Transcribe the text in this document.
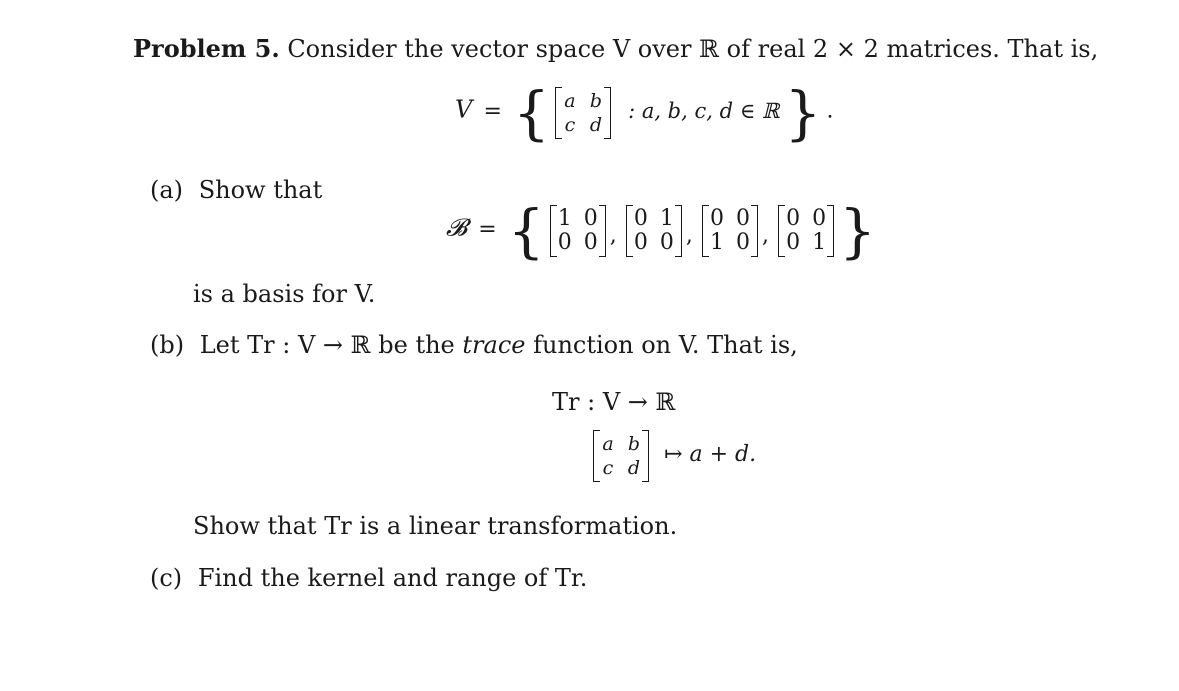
Problem 5. Consider the vector space V over ℝ of real 2 × 2 matrices. That is,
V = { a b
c d
: a, b, c, d ∈ ℝ } .
(a) Show that
𝓑 = { 1 0
0 0 ,
0 1
0 0 ,
0 0
1 0 ,
0 0
0 1 }
is a basis for V.
(b) Let Tr : V → ℝ be the trace function on V. That is,
Tr : V → ℝ
a b
c d
↦ a + d.
Show that Tr is a linear transformation.
(c) Find the kernel and range of Tr.
